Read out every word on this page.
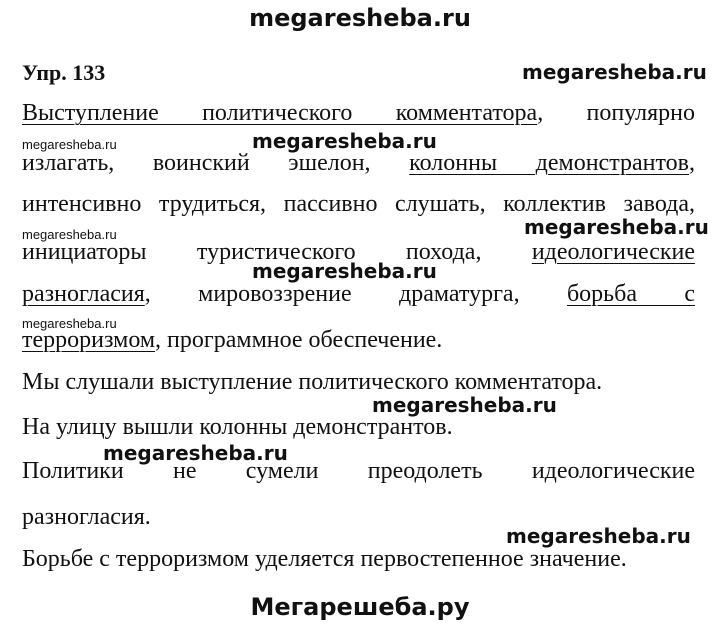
megaresheba.ru
Упр. 133	megaresheba.ru
Выступление политического комментатора, популярно
megaresheba.ru	megaresheba.ru
излагать, воинский эшелон, колонны демонстрантов,
интенсивно трудиться, пассивно слушать, коллектив завода,
megaresheba.ru	megaresheba.ru
инициаторы туристического похода, идеологические
megaresheba.ru
разногласия, мировоззрение драматурга, борьба с
megaresheba.ru
терроризмом, программное обеспечение.
Мы слушали выступление политического комментатора.
megaresheba.ru
На улицу вышли колонны демонстрантов.
megaresheba.ru
Политики не сумели преодолеть идеологические
разногласия.
megaresheba.ru
Борьбе с терроризмом уделяется первостепенное значение.
Мегарешеба.ру
